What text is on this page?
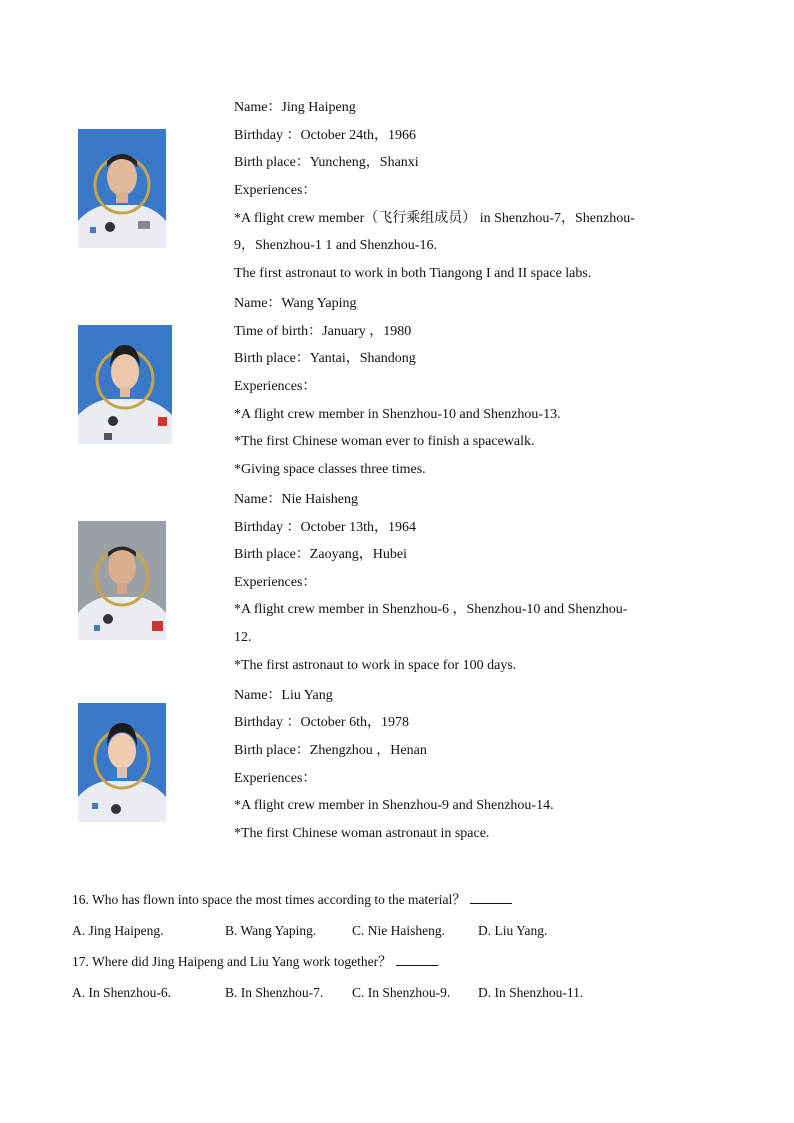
Name：Jing Haipeng
Birthday ：October 24th，1966
Birth place：Yuncheng，Shanxi
Experiences：
*A flight crew member（飞行乘组成员） in Shenzhou-7，Shenzhou-
9，Shenzhou-1 1 and Shenzhou-16.
The first astronaut to work in both Tiangong I and II space labs.
Name：Wang Yaping
Time of birth：January ，1980
Birth place：Yantai，Shandong
Experiences：
*A flight crew member in Shenzhou-10 and Shenzhou-13.
*The first Chinese woman ever to finish a spacewalk.
*Giving space classes three times.
Name：Nie Haisheng
Birthday ：October 13th，1964
Birth place：Zaoyang，Hubei
Experiences：
*A flight crew member in Shenzhou-6 ，Shenzhou-10 and Shenzhou-
12.
*The first astronaut to work in space for 100 days.
Name：Liu Yang
Birthday ：October 6th，1978
Birth place：Zhengzhou ，Henan
Experiences：
*A flight crew member in Shenzhou-9 and Shenzhou-14.
*The first Chinese woman astronaut in space.
16. Who has flown into space the most times according to the material？
A. Jing Haipeng.	B. Wang Yaping.	C. Nie Haisheng. D. Liu Yang.
17. Where did Jing Haipeng and Liu Yang work together？
A. In Shenzhou-6.	B. In Shenzhou-7. C. In Shenzhou-9. D. In Shenzhou-11.
